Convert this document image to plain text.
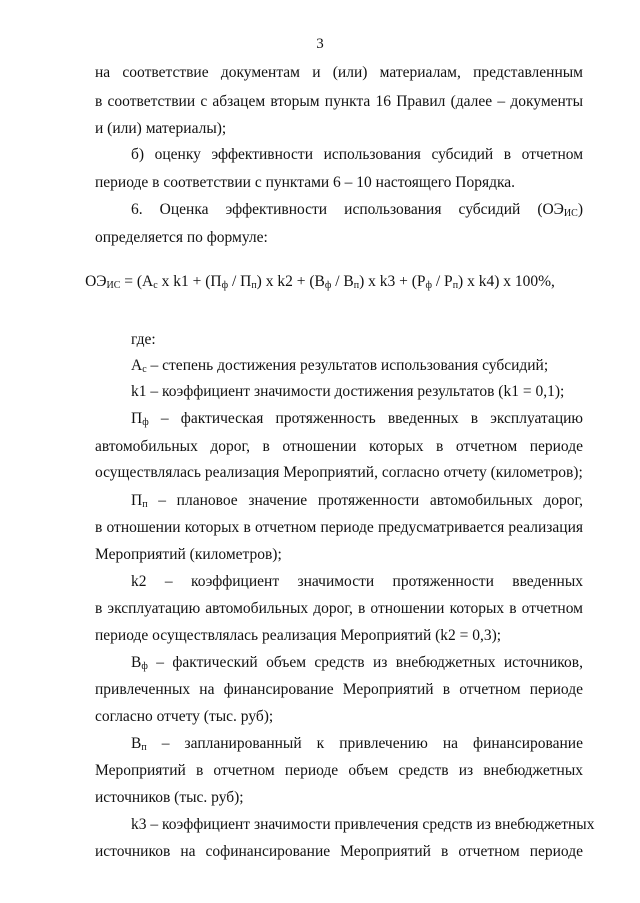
3
на соответствие документам и (или) материалам, представленным
в соответствии с абзацем вторым пункта 16 Правил (далее – документы
и (или) материалы);
б) оценку эффективности использования субсидий в отчетном
периоде в соответствии с пунктами 6 – 10 настоящего Порядка.
6. Оценка эффективности использования субсидий $(ОЭ_{ИС})$
определяется по формуле:
где:
$А_с$ – степень достижения результатов использования субсидий;
k1 – коэффициент значимости достижения результатов (k1 = 0,1);
$П_ф$ – фактическая протяженность введенных в эксплуатацию
автомобильных дорог, в отношении которых в отчетном периоде
осуществлялась реализация Мероприятий, согласно отчету (километров);
$П_п$ – плановое значение протяженности автомобильных дорог,
в отношении которых в отчетном периоде предусматривается реализация
Мероприятий (километров);
k2 – коэффициент значимости протяженности введенных
в эксплуатацию автомобильных дорог, в отношении которых в отчетном
периоде осуществлялась реализация Мероприятий (k2 = 0,3);
$В_ф$ – фактический объем средств из внебюджетных источников,
привлеченных на финансирование Мероприятий в отчетном периоде
согласно отчету (тыс. руб);
$В_п$ – запланированный к привлечению на финансирование
Мероприятий в отчетном периоде объем средств из внебюджетных
источников (тыс. руб);
k3 – коэффициент значимости привлечения средств из внебюджетных
источников на софинансирование Мероприятий в отчетном периоде
$ОЭ_{ИС} = (А_с$ x $k1 + (П_ф / П_п)$ x $k2 + (В_ф / В_п)$ x $k3 + (Р_ф / Р_п)$ x k4) x 100%,
